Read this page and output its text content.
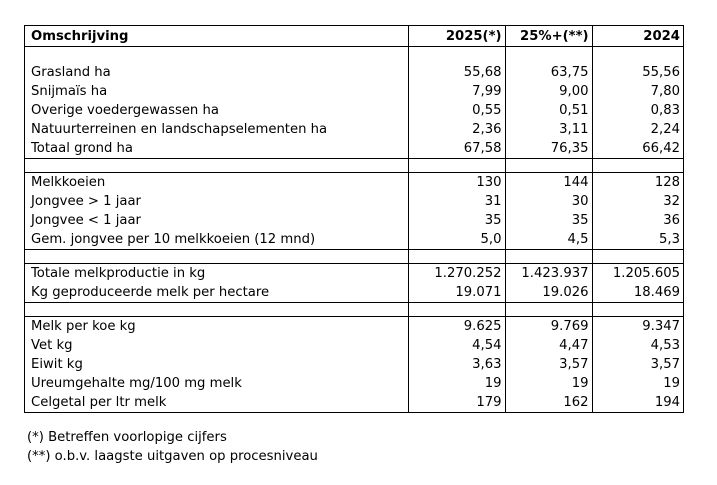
Omschrijving	2025(*)	25%+(**)	2024

Grasland ha	55,68	63,75	55,56
Snijmaïs ha	7,99	9,00	7,80
Overige voedergewassen ha	0,55	0,51	0,83
Natuurterreinen en landschapselementen ha	2,36	3,11	2,24
Totaal grond ha	67,58	76,35	66,42

Melkkoeien	130	144	128
Jongvee > 1 jaar	31	30	32
Jongvee < 1 jaar	35	35	36
Gem. jongvee per 10 melkkoeien (12 mnd)	5,0	4,5	5,3

Totale melkproductie in kg	1.270.252	1.423.937	1.205.605
Kg geproduceerde melk per hectare	19.071	19.026	18.469

Melk per koe kg	9.625	9.769	9.347
Vet kg	4,54	4,47	4,53
Eiwit kg	3,63	3,57	3,57
Ureumgehalte mg/100 mg melk	19	19	19
Celgetal per ltr melk	179	162	194
(*) Betreffen voorlopige cijfers
(**) o.b.v. laagste uitgaven op procesniveau
